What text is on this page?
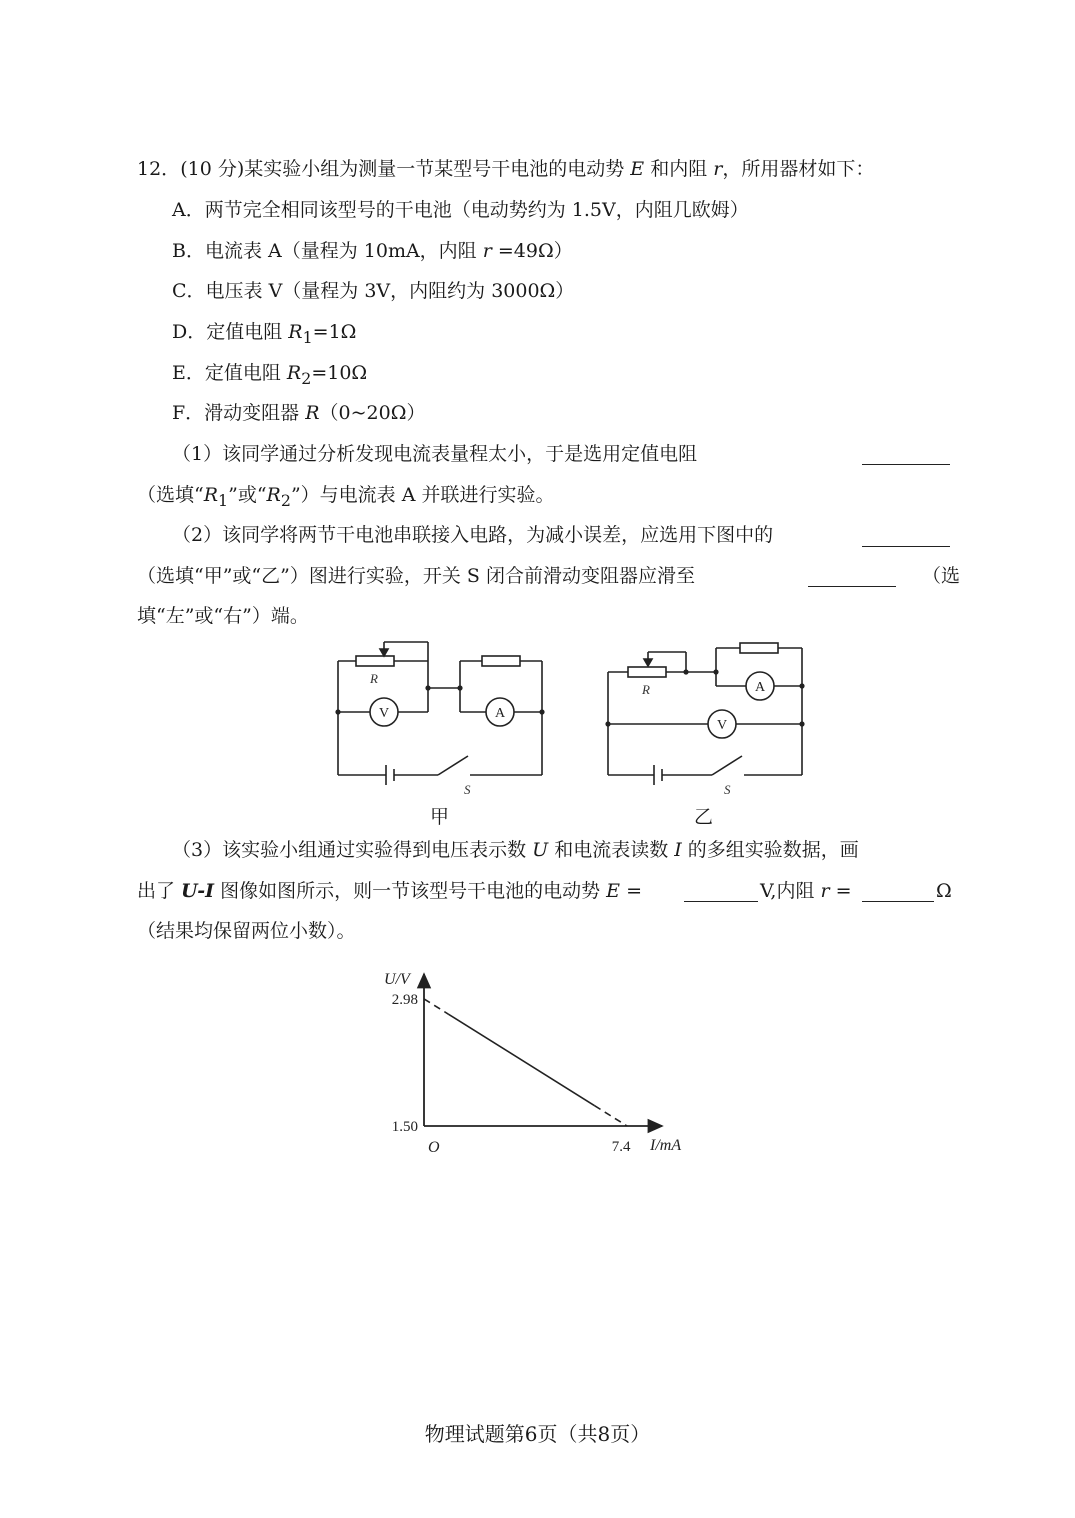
12．(10 分)某实验小组为测量一节某型号干电池的电动势 E 和内阻 r，所用器材如下：
A．两节完全相同该型号的干电池（电动势约为 1.5V，内阻几欧姆）
B．电流表 A（量程为 10mA，内阻 r =49Ω）
C．电压表 V（量程为 3V，内阻约为 3000Ω）
D．定值电阻 $R_1=1\Omega$
E．定值电阻 $R_2=10\Omega$
F．滑动变阻器 R（0~20Ω）
（1）该同学通过分析发现电流表量程太小，于是选用定值电阻
（选填“$R_1$”或“$R_2$”）与电流表 A 并联进行实验。
（2）该同学将两节干电池串联接入电路，为减小误差，应选用下图中的
（选填“甲”或“乙”）图进行实验，开关 S 闭合前滑动变阻器应滑至	（选
填“左”或“右”）端。
V	A
A
V
R
R
S	S
甲	乙
（3）该实验小组通过实验得到电压表示数 U 和电流表读数 I 的多组实验数据，画
出了 U-I 图像如图所示，则一节该型号干电池的电动势 E =	V,内阻 r =	Ω
（结果均保留两位小数）。
2.98
1.50
7.4
U/V
I/mA
O
物理试题第6页（共8页）
